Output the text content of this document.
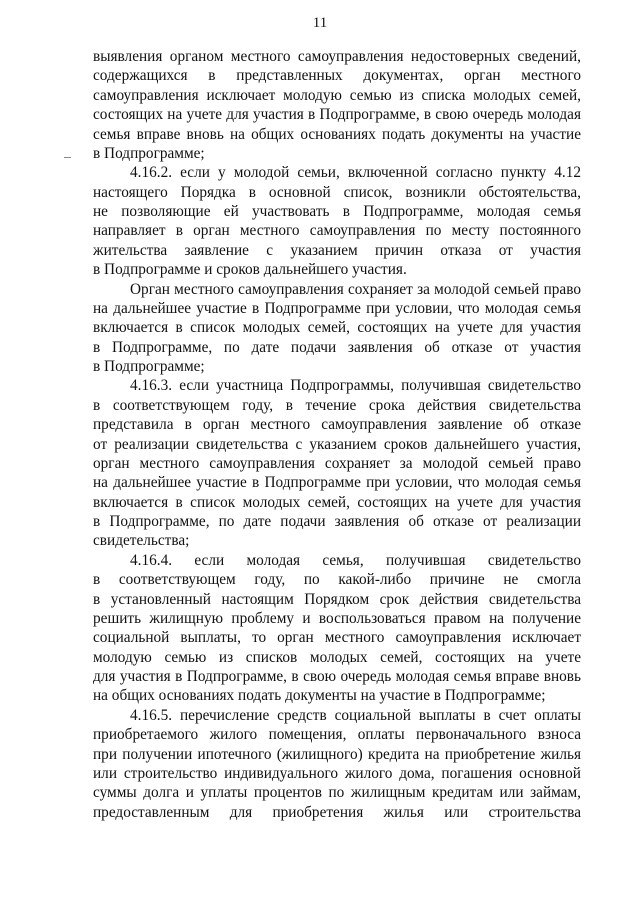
11
выявления органом местного самоуправления недостоверных сведений,
содержащихся в представленных документах, орган местного
самоуправления исключает молодую семью из списка молодых семей,
состоящих на учете для участия в Подпрограмме, в свою очередь молодая
семья вправе вновь на общих основаниях подать документы на участие
в Подпрограмме;
4.16.2. если у молодой семьи, включенной согласно пункту 4.12
настоящего Порядка в основной список, возникли обстоятельства,
не позволяющие ей участвовать в Подпрограмме, молодая семья
направляет в орган местного самоуправления по месту постоянного
жительства заявление с указанием причин отказа от участия
в Подпрограмме и сроков дальнейшего участия.
Орган местного самоуправления сохраняет за молодой семьей право
на дальнейшее участие в Подпрограмме при условии, что молодая семья
включается в список молодых семей, состоящих на учете для участия
в Подпрограмме, по дате подачи заявления об отказе от участия
в Подпрограмме;
4.16.3. если участница Подпрограммы, получившая свидетельство
в соответствующем году, в течение срока действия свидетельства
представила в орган местного самоуправления заявление об отказе
от реализации свидетельства с указанием сроков дальнейшего участия,
орган местного самоуправления сохраняет за молодой семьей право
на дальнейшее участие в Подпрограмме при условии, что молодая семья
включается в список молодых семей, состоящих на учете для участия
в Подпрограмме, по дате подачи заявления об отказе от реализации
свидетельства;
4.16.4. если молодая семья, получившая свидетельство
в соответствующем году, по какой-либо причине не смогла
в установленный настоящим Порядком срок действия свидетельства
решить жилищную проблему и воспользоваться правом на получение
социальной выплаты, то орган местного самоуправления исключает
молодую семью из списков молодых семей, состоящих на учете
для участия в Подпрограмме, в свою очередь молодая семья вправе вновь
на общих основаниях подать документы на участие в Подпрограмме;
4.16.5. перечисление средств социальной выплаты в счет оплаты
приобретаемого жилого помещения, оплаты первоначального взноса
при получении ипотечного (жилищного) кредита на приобретение жилья
или строительство индивидуального жилого дома, погашения основной
суммы долга и уплаты процентов по жилищным кредитам или займам,
предоставленным для приобретения жилья или строительства
